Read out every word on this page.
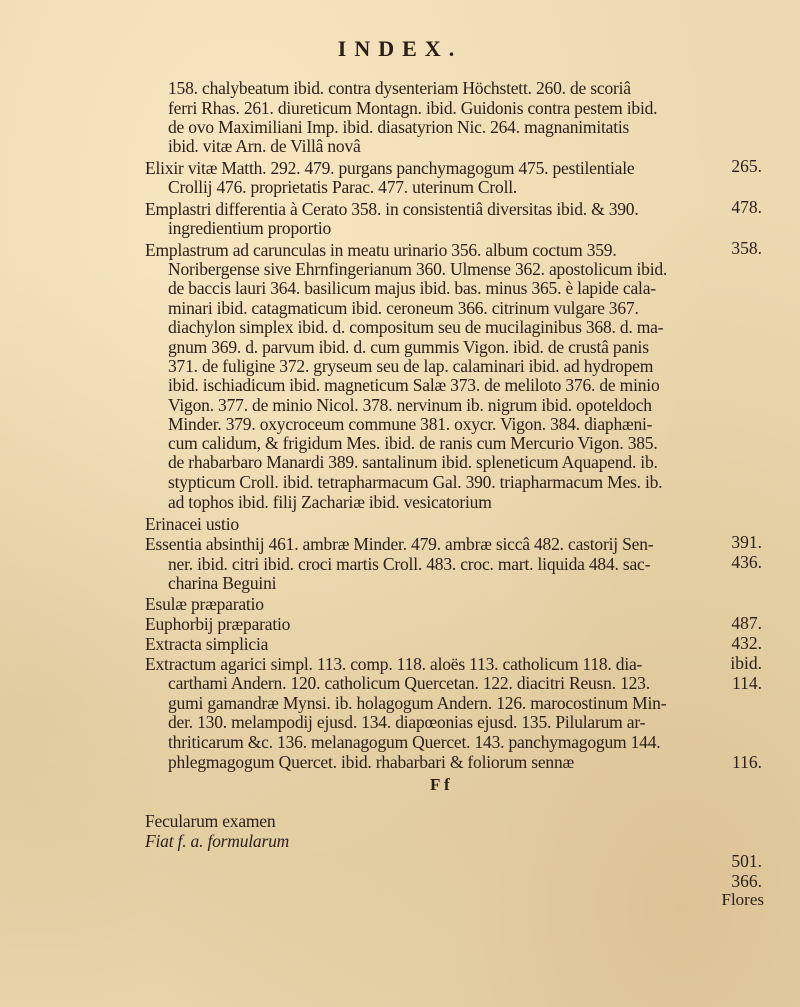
INDEX.
158. chalybeatum ibid. contra dysenteriam Höchstett. 260. de scoriâ
ferri Rhas. 261. diureticum Montagn. ibid. Guidonis contra pestem ibid.
de ovo Maximiliani Imp. ibid. diasatyrion Nic. 264. magnanimitatis
ibid. vitæ Arn. de Villâ novâ
Elixir vitæ Matth. 292. 479. purgans panchymagogum 475. pestilentiale
Crollij 476. proprietatis Parac. 477. uterinum Croll.
Emplastri differentia à Cerato 358. in consistentiâ diversitas ibid. & 390.
ingredientium proportio
Emplastrum ad carunculas in meatu urinario 356. album coctum 359.
Noribergense sive Ehrnfingerianum 360. Ulmense 362. apostolicum ibid.
de baccis lauri 364. basilicum majus ibid. bas. minus 365. è lapide cala-
minari ibid. catagmaticum ibid. ceroneum 366. citrinum vulgare 367.
diachylon simplex ibid. d. compositum seu de mucilaginibus 368. d. ma-
gnum 369. d. parvum ibid. d. cum gummis Vigon. ibid. de crustâ panis
371. de fuligine 372. gryseum seu de lap. calaminari ibid. ad hydropem
ibid. ischiadicum ibid. magneticum Salæ 373. de meliloto 376. de minio
Vigon. 377. de minio Nicol. 378. nervinum ib. nigrum ibid. opoteldoch
Minder. 379. oxycroceum commune 381. oxycr. Vigon. 384. diaphæni-
cum calidum, & frigidum Mes. ibid. de ranis cum Mercurio Vigon. 385.
de rhabarbaro Manardi 389. santalinum ibid. spleneticum Aquapend. ib.
stypticum Croll. ibid. tetrapharmacum Gal. 390. triapharmacum Mes. ib.
ad tophos ibid. filij Zachariæ ibid. vesicatorium
Erinacei ustio
Essentia absinthij 461. ambræ Minder. 479. ambræ siccâ 482. castorij Sen-
ner. ibid. citri ibid. croci martis Croll. 483. croc. mart. liquida 484. sac-
charina Beguini
Esulæ præparatio
Euphorbij præparatio
Extracta simplicia
Extractum agarici simpl. 113. comp. 118. aloës 113. catholicum 118. dia-
carthami Andern. 120. catholicum Quercetan. 122. diacitri Reusn. 123.
gumi gamandræ Mynsi. ib. holagogum Andern. 126. marocostinum Min-
der. 130. melampodij ejusd. 134. diapœonias ejusd. 135. Pilularum ar-
thriticarum &c. 136. melanagogum Quercet. 143. panchymagogum 144.
phlegmagogum Quercet. ibid. rhabarbari & foliorum sennæ
Fecularum examen
Fiat f. a. formularum
265.
478.
358.
391.
436.
487.
432.
ibid.
114.
116.
501.
366.
F f
Flores
